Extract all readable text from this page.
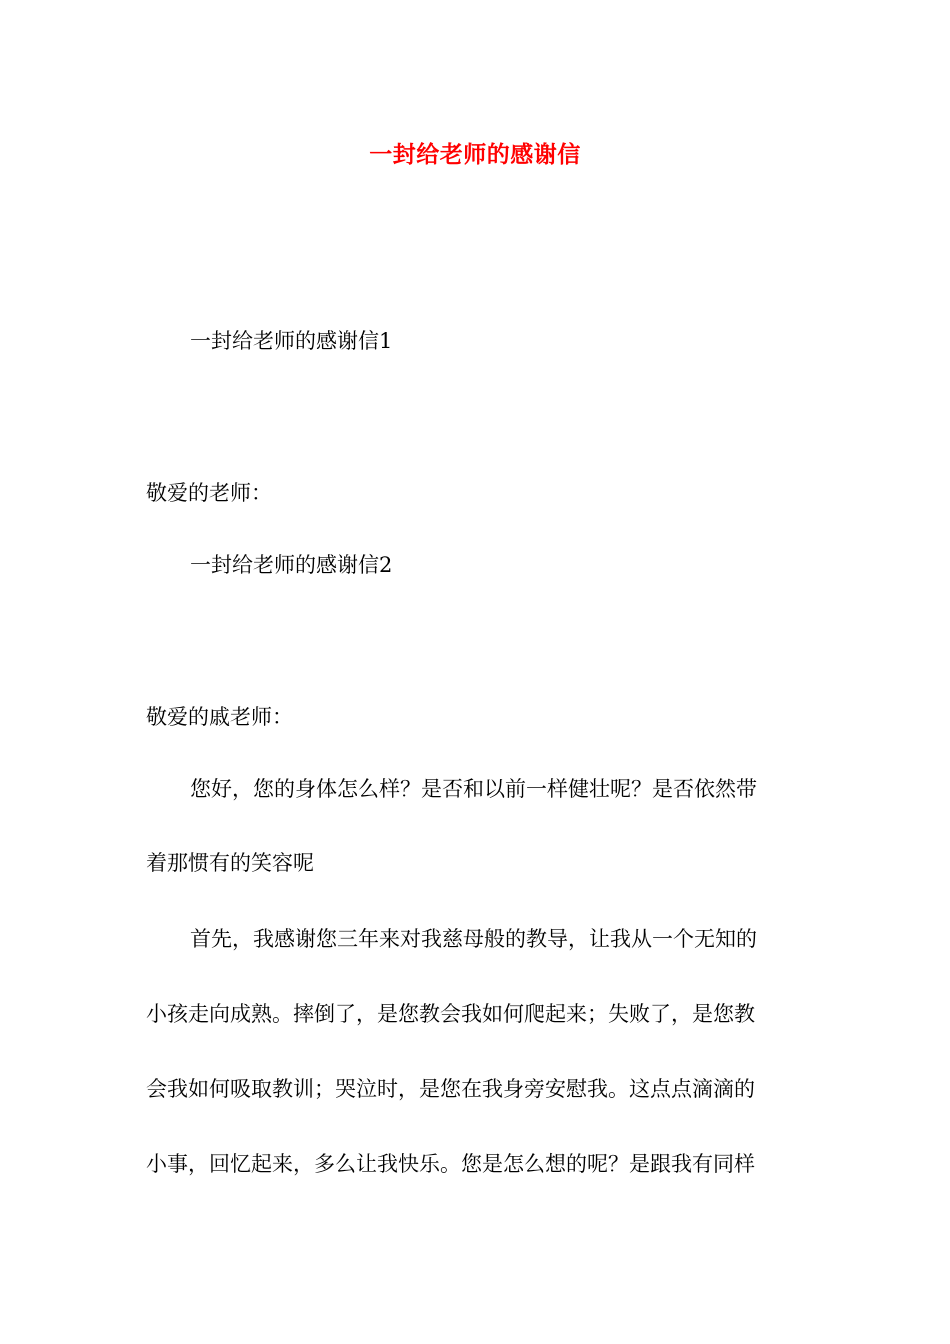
一封给老师的感谢信
一封给老师的感谢信1
敬爱的老师：
一封给老师的感谢信2
敬爱的戚老师：
您好，您的身体怎么样？是否和以前一样健壮呢？是否依然带
着那惯有的笑容呢
首先，我感谢您三年来对我慈母般的教导，让我从一个无知的
小孩走向成熟。摔倒了，是您教会我如何爬起来；失败了，是您教
会我如何吸取教训；哭泣时，是您在我身旁安慰我。这点点滴滴的
小事，回忆起来，多么让我快乐。您是怎么想的呢？是跟我有同样
